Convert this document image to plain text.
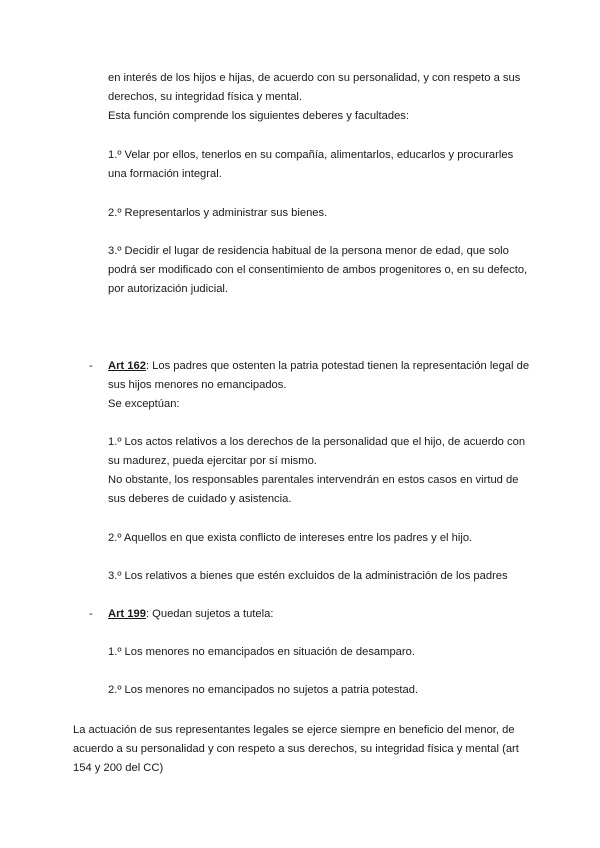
en interés de los hijos e hijas, de acuerdo con su personalidad, y con respeto a sus
derechos, su integridad física y mental.
Esta función comprende los siguientes deberes y facultades:
1.º Velar por ellos, tenerlos en su compañía, alimentarlos, educarlos y procurarles
una formación integral.
2.º Representarlos y administrar sus bienes.
3.º Decidir el lugar de residencia habitual de la persona menor de edad, que solo
podrá ser modificado con el consentimiento de ambos progenitores o, en su defecto,
por autorización judicial.
- Art 162: Los padres que ostenten la patria potestad tienen la representación legal de
sus hijos menores no emancipados.
Se exceptúan:
1.º Los actos relativos a los derechos de la personalidad que el hijo, de acuerdo con
su madurez, pueda ejercitar por sí mismo.
No obstante, los responsables parentales intervendrán en estos casos en virtud de
sus deberes de cuidado y asistencia.
2.º Aquellos en que exista conflicto de intereses entre los padres y el hijo.
3.º Los relativos a bienes que estén excluidos de la administración de los padres
- Art 199: Quedan sujetos a tutela:
1.º Los menores no emancipados en situación de desamparo.
2.º Los menores no emancipados no sujetos a patria potestad.
La actuación de sus representantes legales se ejerce siempre en beneficio del menor, de
acuerdo a su personalidad y con respeto a sus derechos, su integridad física y mental (art
154 y 200 del CC)
